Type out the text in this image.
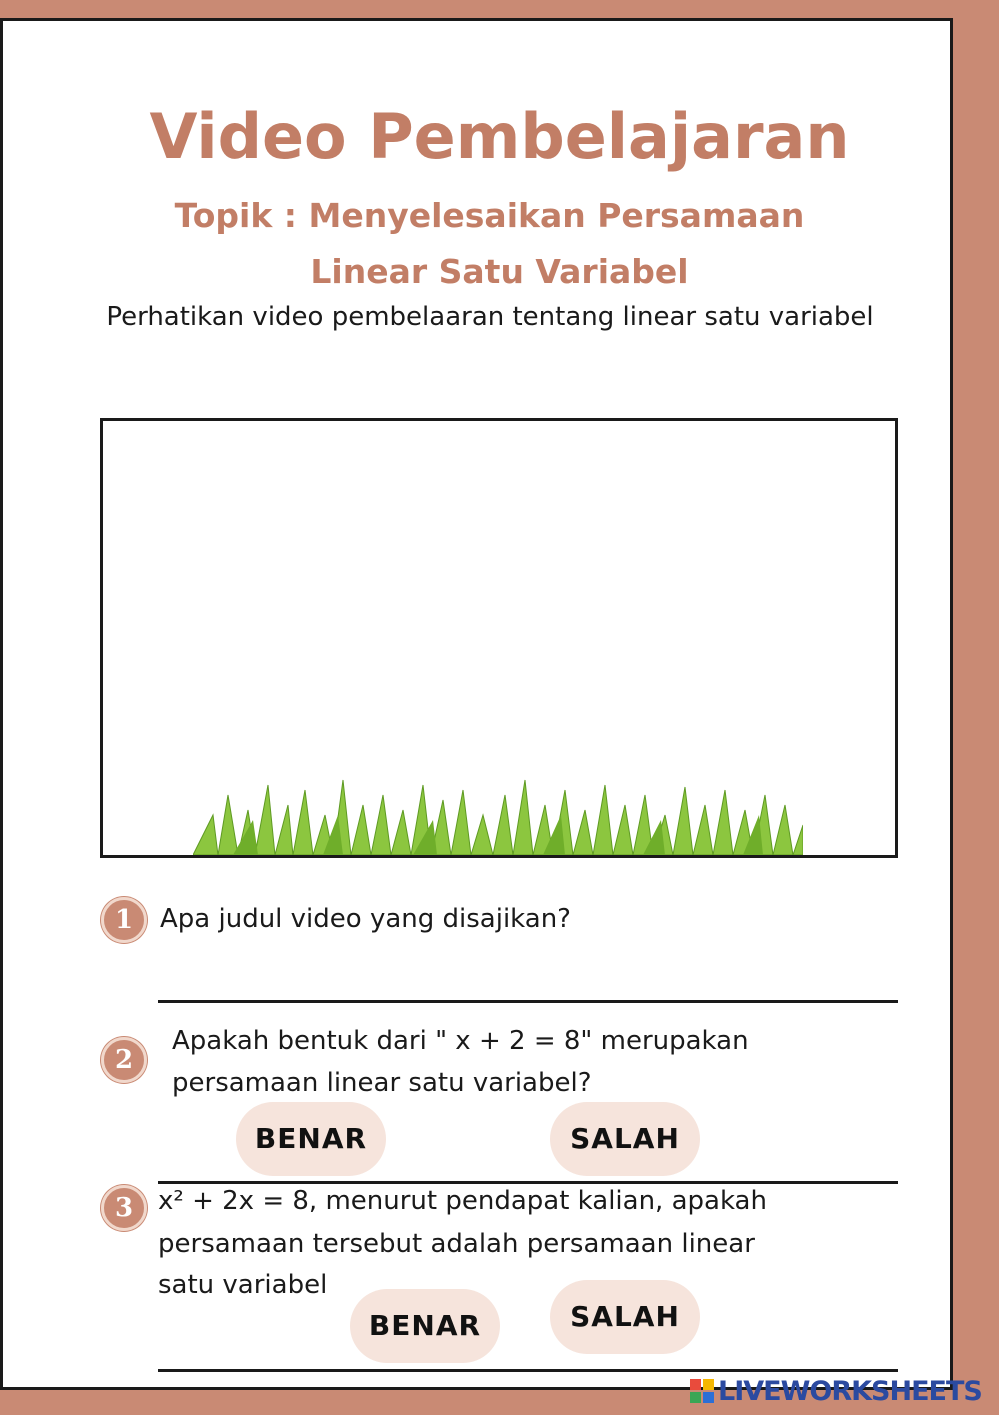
Video Pembelajaran
Topik : Menyelesaikan Persamaan
Linear Satu Variabel
Perhatikan video pembelaaran tentang linear satu variabel
1	Apa judul video yang disajikan?
2
Apakah bentuk dari " x + 2 = 8" merupakan
persamaan linear satu variabel?
BENAR	SALAH
3 x² + 2x = 8, menurut pendapat kalian, apakah
persamaan tersebut adalah persamaan linear
satu variabel
BENAR	SALAH
LIVEWORKSHEETS
